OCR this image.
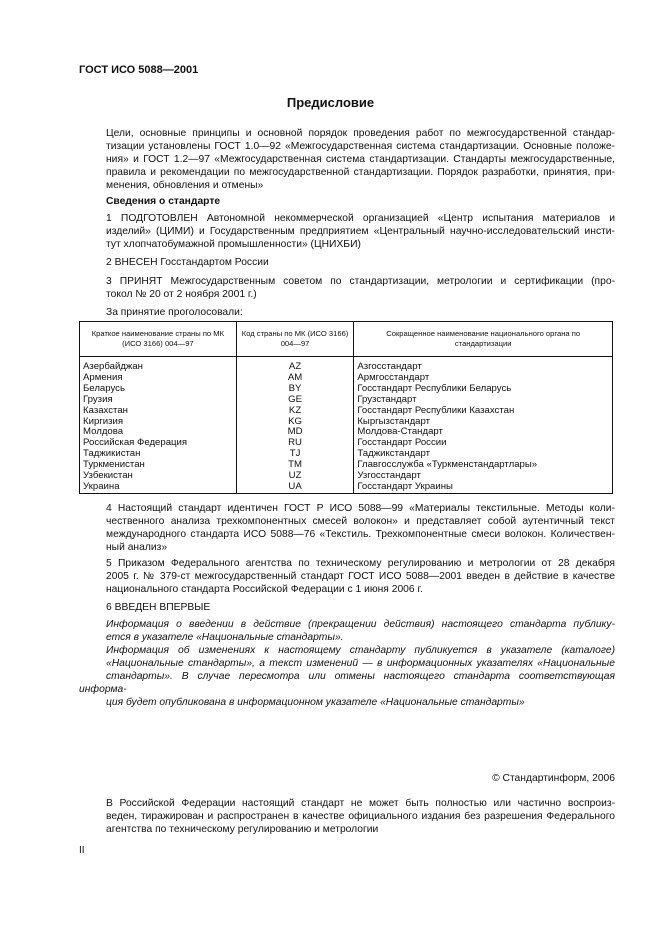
ГОСТ ИСО 5088—2001
Предисловие

Цели, основные принципы и основной порядок проведения работ по межгосударственной стандар-
тизации установлены ГОСТ 1.0—92 «Межгосударственная система стандартизации. Основные положе-
ния» и ГОСТ 1.2—97 «Межгосударственная система стандартизации. Стандарты межгосударственные,
правила и рекомендации по межгосударственной стандартизации. Порядок разработки, принятия, при-
менения, обновления и отмены»

Сведения о стандарте

1 ПОДГОТОВЛЕН Автономной некоммерческой организацией «Центр испытания материалов и
изделий» (ЦИМИ) и Государственным предприятием «Центральный научно-исследовательский инсти-
тут хлопчатобумажной промышленности» (ЦНИХБИ)

2 ВНЕСЕН Госстандартом России

3 ПРИНЯТ Межгосударственным советом по стандартизации, метрологии и сертификации (про-
токол № 20 от 2 ноября 2001 г.)

За принятие проголосовали:

Краткое наименование страны по МК (ИСО 3166) 004—97	Код страны по МК (ИСО 3166) 004—97	Сокращенное наименование национального органа по стандартизации

Азербайджан	AZ	Азгосстандарт
Армения	AM	Армгосстандарт
Беларусь	BY	Госстандарт Республики Беларусь
Грузия	GE	Грузстандарт
Казахстан	KZ	Госстандарт Республики Казахстан
Киргизия	KG	Кыргызстандарт
Молдова	MD	Молдова-Стандарт
Российская Федерация	RU	Госстандарт России
Таджикистан	TJ	Таджикстандарт
Туркменистан	TM	Главгосслужба «Туркменстандартлары»
Узбекистан	UZ	Узгосстандарт
Украина	UA	Госстандарт Украины

4 Настоящий стандарт идентичен ГОСТ Р ИСО 5088—99 «Материалы текстильные. Методы коли-
чественного анализа трехкомпонентных смесей волокон» и представляет собой аутентичный текст
международного стандарта ИСО 5088—76 «Текстиль. Трехкомпонентные смеси волокон. Количествен-
ный анализ»

5 Приказом Федерального агентства по техническому регулированию и метрологии от 28 декабря
2005 г. № 379-ст межгосударственный стандарт ГОСТ ИСО 5088—2001 введен в действие в качестве
национального стандарта Российской Федерации с 1 июня 2006 г.

6 ВВЕДЕН ВПЕРВЫЕ

Информация о введении в действие (прекращении действия) настоящего стандарта публику-
ется в указателе «Национальные стандарты».

Информация об изменениях к настоящему стандарту публикуется в указателе (каталоге)
«Национальные стандарты», а текст изменений — в информационных указателях «Национальные
стандарты». В случае пересмотра или отмены настоящего стандарта соответствующая информа-
ция будет опубликована в информационном указателе «Национальные стандарты»

© Стандартинформ, 2006

В Российской Федерации настоящий стандарт не может быть полностью или частично воспроиз-
веден, тиражирован и распространен в качестве официального издания без разрешения Федерального
агентства по техническому регулированию и метрологии

II
